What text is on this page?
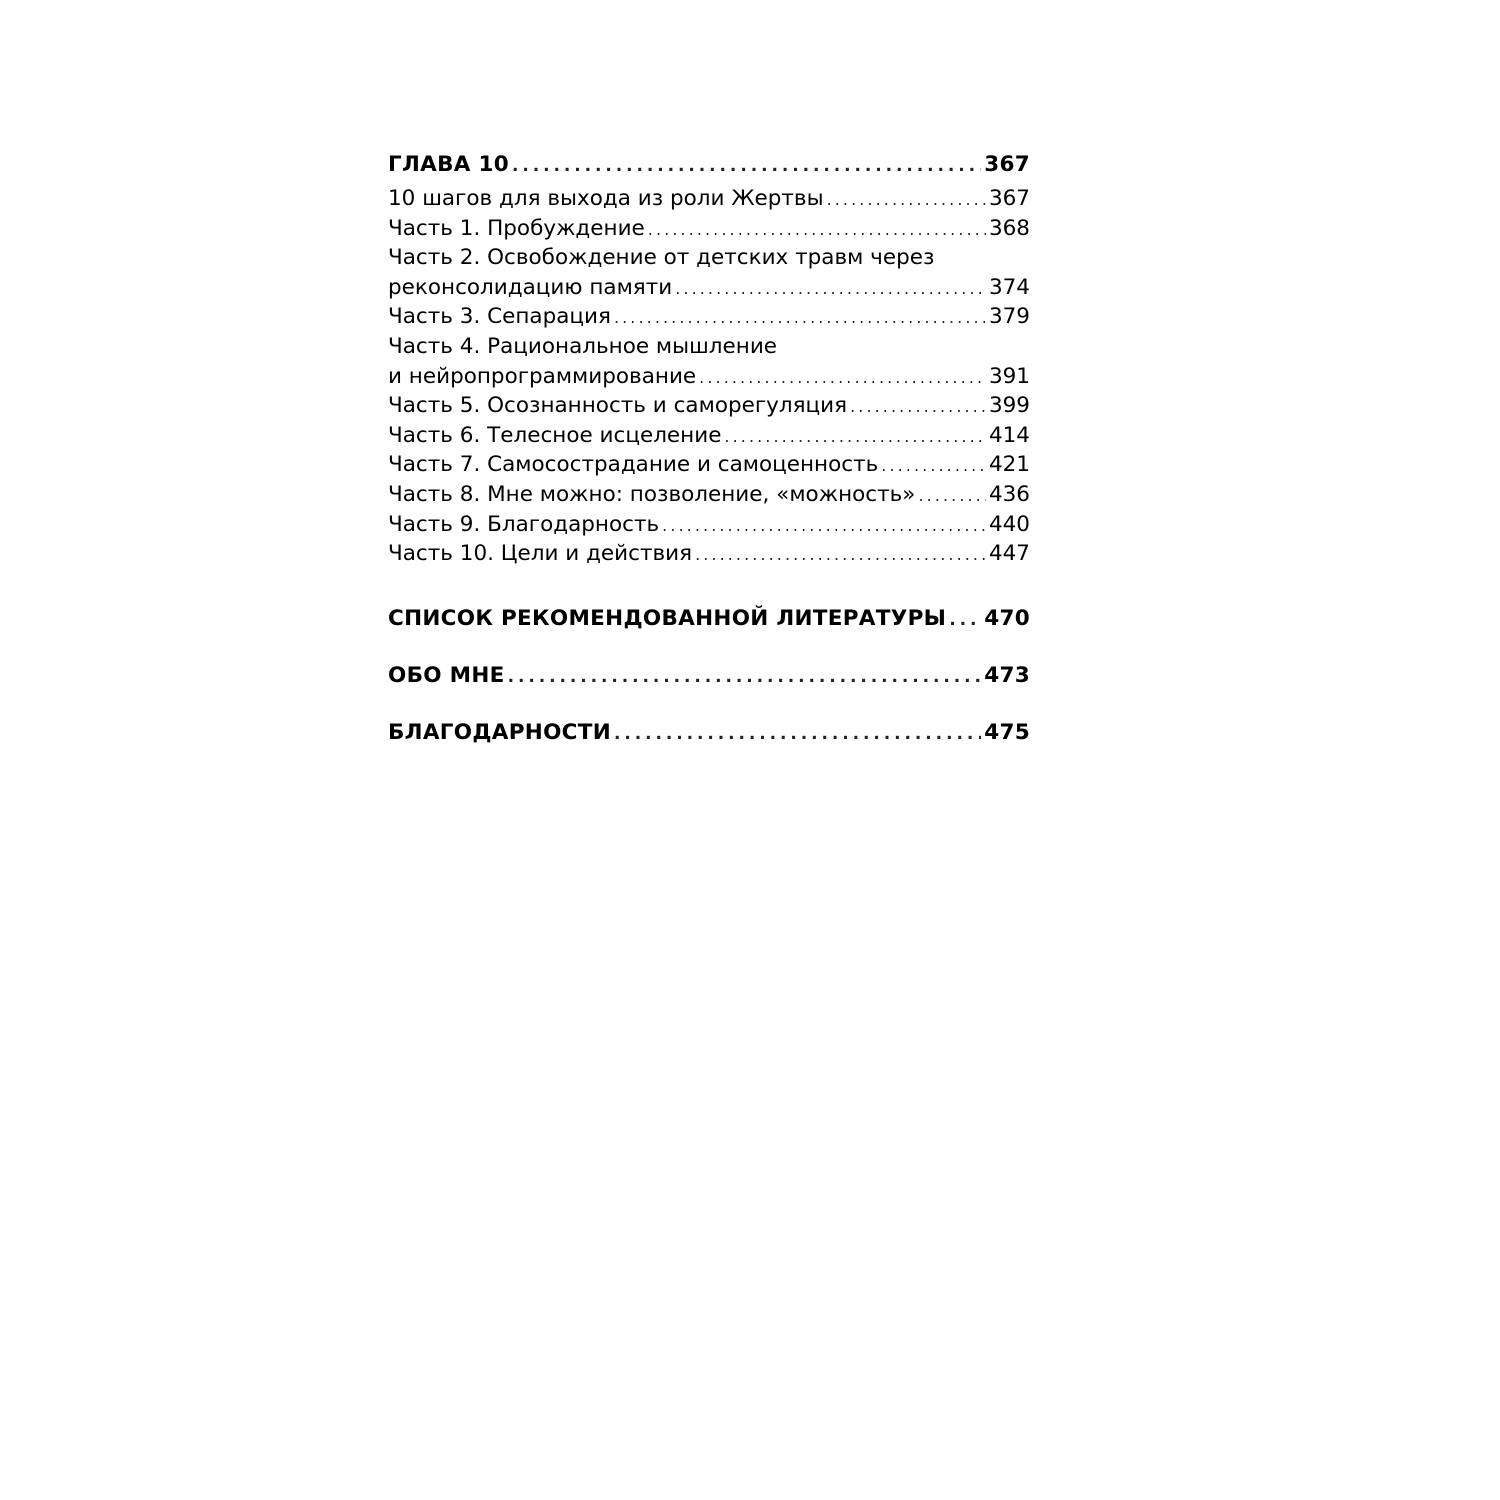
ГЛАВА 10 . . .	367
10 шагов для выхода из роли Жертвы . . .	367
Часть 1. Пробуждение . . .	368
Часть 2. Освобождение от детских травм через
реконсолидацию памяти . . .	374
Часть 3. Сепарация . . .	379
Часть 4. Рациональное мышление
и нейропрограммирование . . .	391
Часть 5. Осознанность и саморегуляция . . .	399
Часть 6. Телесное исцеление . . .	414
Часть 7. Самосострадание и самоценность . . .	421
Часть 8. Мне можно: позволение, «можность» . . .	436
Часть 9. Благодарность . . .	440
Часть 10. Цели и действия . . .	447
СПИСОК РЕКОМЕНДОВАННОЙ ЛИТЕРАТУРЫ . . . 470
ОБО МНЕ . . .	473
БЛАГОДАРНОСТИ . . .	475
